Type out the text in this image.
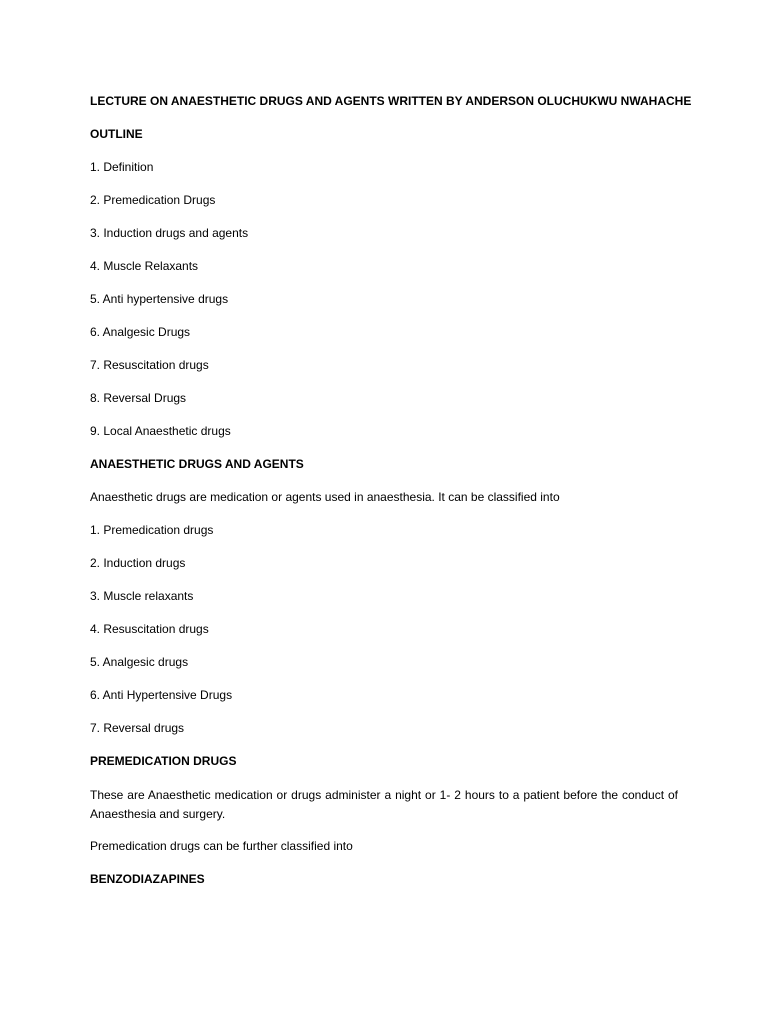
LECTURE ON ANAESTHETIC DRUGS AND AGENTS WRITTEN BY ANDERSON OLUCHUKWU NWAHACHE
OUTLINE
1. Definition
2. Premedication Drugs
3. Induction drugs and agents
4. Muscle Relaxants
5. Anti hypertensive drugs
6. Analgesic Drugs
7. Resuscitation drugs
8. Reversal Drugs
9. Local Anaesthetic drugs
ANAESTHETIC DRUGS AND AGENTS
Anaesthetic drugs are medication or agents used in anaesthesia. It can be classified into
1. Premedication drugs
2. Induction drugs
3. Muscle relaxants
4. Resuscitation drugs
5. Analgesic drugs
6. Anti Hypertensive Drugs
7. Reversal drugs
PREMEDICATION DRUGS
These are Anaesthetic medication or drugs administer a night or 1- 2 hours to a patient before the conduct of Anaesthesia and surgery.
Premedication drugs can be further classified into
BENZODIAZAPINES
